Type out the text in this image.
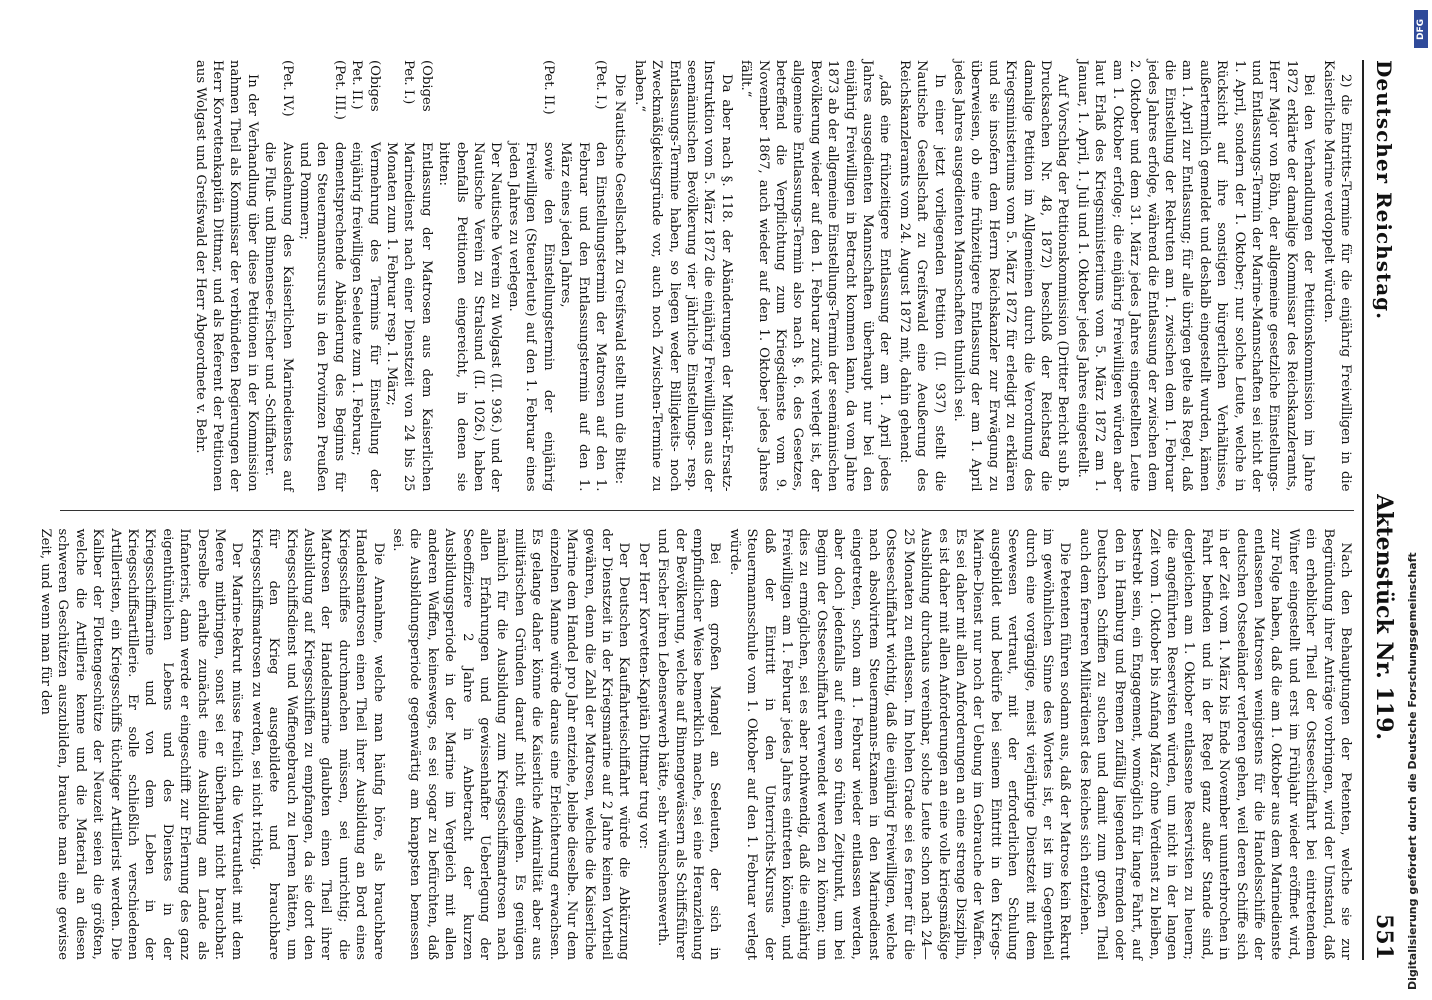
Deutscher Reichstag.
Aktenstück Nr. 119.
551

2) die Eintritts-Termine für die einjährig Freiwilligen in die Kaiserliche Marine verdoppelt würden.

Bei den Verhandlungen der Petitionskommission im Jahre 1872 erklärte der damalige Kommissar des Reichskanzleramts, Herr Major von Böhn, der allgemeine gesetzliche Einstellungs- und Entlassungs-Termin der Marine-Mannschaften sei nicht der 1. April, sondern der 1. Oktober; nur solche Leute, welche in Rücksicht auf ihre sonstigen bürgerlichen Verhältnisse, außertermlich gemeldet und deshalb eingestellt wurden, kämen am 1. April zur Entlassung; für alle übrigen gelte als Regel, daß die Einstellung der Rekruten am 1. zwischen dem 1. Februar jedes Jahres erfolge, während die Entlassung der zwischen dem 2. Oktober und dem 31. März jedes Jahres eingestellten Leute am 1. Oktober erfolge; die einjährig Freiwilligen würden aber laut Erlaß des Kriegsministeriums vom 5. März 1872 am 1. Januar, 1. April, 1. Juli und 1. Oktober jedes Jahres eingestellt.

Auf Vorschlag der Petitionskommission (Dritter Bericht sub B. Drucksachen Nr. 48, 1872) beschloß der Reichstag die damalige Petition im Allgemeinen durch die Verordnung des Kriegsministeriums vom 5. März 1872 für erledigt zu erklären und sie insofern dem Herrn Reichskanzler zur Erwägung zu überweisen, ob eine frühzeitigere Entlassung der am 1. April jedes Jahres ausgedienten Mannschaften thunlich sei.

In einer jetzt vorliegenden Petition (II. 937) stellt die Nautische Gesellschaft zu Greifswald eine Aeußerung des Reichskanzleramts vom 24. August 1872 mit, dahin gehend:

„daß eine frühzeitigere Entlassung der am 1. April jedes Jahres ausgedienten Mannschaften überhaupt nur bei den einjährig Freiwilligen in Betracht kommen kann, da vom Jahre 1873 ab der allgemeine Einstellungs-Termin der seemännischen Bevölkerung wieder auf den 1. Februar zurück verlegt ist, der allgemeine Entlassungs-Termin also nach §. 6. des Gesetzes, betreffend die Verpflichtung zum Kriegsdienste vom 9. November 1867, auch wieder auf den 1. Oktober jedes Jahres fällt.“

Da aber nach §. 118. der Abänderungen der Militär-Ersatz-Instruktion vom 5. März 1872 die einjährig Freiwilligen aus der seemännischen Bevölkerung vier jährliche Einstellungs- resp. Entlassungs-Termine haben, so liegen weder Billigkeits- noch Zweckmäßigkeitsgründe vor, auch noch Zwischen-Termine zu haben.“

Die Nautische Gesellschaft zu Greifswald stellt nun die Bitte:

(Pet. I.)
den Einstellungstermin der Matrosen auf den 1. Februar und den Entlassungstermin auf den 1. März eines jeden Jahres,
(Pet. II.)
sowie den Einstellungstermin der einjährig Freiwilligen (Steuerleute) auf den 1. Februar eines jeden Jahres zu verlegen.
Der Nautische Verein zu Wolgast (II. 936.) und der Nautische Verein zu Stralsund (II. 1026.) haben ebenfalls Petitionen eingereicht, in denen sie bitten:
(Obiges Pet. I.)
Entlassung der Matrosen aus dem Kaiserlichen Marinedienst nach einer Dienstzeit von 24 bis 25 Monaten zum 1. Februar resp. 1. März;
(Obiges Pet. II.)
Vermehrung des Termins für Einstellung der einjährig freiwilligen Seeleute zum 1. Februar;
(Pet. III.)
dementsprechende Abänderung des Beginns für den Steuermannscursus in den Provinzen Preußen und Pommern;
(Pet. IV.)
Ausdehnung des Kaiserlichen Marinedienstes auf die Fluß- und Binnensee-Fischer und -Schiffahrer.

In der Verhandlung über diese Petitionen in der Kommission nahmen Theil als Kommissar der verbündeten Regierungen der Herr Korvettenkapitän Dittmar, und als Referent der Petitionen aus Wolgast und Greifswald der Herr Abgeordnete v. Behr.

Nach den Behauptungen der Petenten, welche sie zur Begründung ihrer Anträge vorbringen, wird der Umstand, daß ein erheblicher Theil der Ostseeschiffahrt bei eintretendem Winter eingestellt und erst im Frühjahr wieder eröffnet wird, zur Folge haben, daß die am 1. Oktober aus dem Marinedienste entlassenen Matrosen wenigstens für die Handelsschiffe der deutschen Ostseeländer verloren gehen, weil deren Schiffe sich in der Zeit vom 1. März bis Ende November ununterbrochen in Fahrt befinden und in der Regel ganz außer Stande sind, dergleichen am 1. Oktober entlassene Reservisten zu heuern; die angeführten Reservisten würden, um nicht in der langen Zeit vom 1. Oktober bis Anfang März ohne Verdienst zu bleiben, bestrebt sein, ein Engagement, womöglich für lange Fahrt, auf den in Hamburg und Bremen zufällig liegenden fremden oder Deutschen Schiffen zu suchen und damit zum großen Theil auch dem ferneren Militärdienst des Reiches sich entziehen.

Die Petenten führen sodann aus, daß der Matrose kein Rekrut im gewöhnlichen Sinne des Wortes ist, er ist im Gegentheil durch eine vorgängige, meist vierjährige Dienstzeit mit dem Seewesen vertraut, mit der erforderlichen Schulung ausgebildet und bedürfe bei seinem Eintritt in den Kriegs-Marine-Dienst nur noch der Uebung im Gebrauche der Waffen. Es sei daher mit allen Anforderungen an eine strenge Disziplin, es ist daher mit allen Anforderungen an eine volle kriegsmäßige Ausbildung durchaus vereinbar, solche Leute schon nach 24—25 Monaten zu entlassen. Im hohen Grade sei es ferner für die Ostseeschiffahrt wichtig, daß die einjährig Freiwilligen, welche nach absolvirtem Steuermanns-Examen in den Marinedienst eingetreten, schon am 1. Februar wieder entlassen werden, aber doch jedenfalls auf einem so frühen Zeitpunkt, um bei Beginn der Ostseeschiffahrt verwendet werden zu können; um dies zu ermöglichen, sei es aber nothwendig, daß die einjährig Freiwilligen am 1. Februar jedes Jahres eintreten können, und daß der Eintritt in den Unterrichts-Kursus der Steuermannsschule vom 1. Oktober auf den 1. Februar verlegt würde.

Bei dem großen Mangel an Seeleuten, der sich in empfindlicher Weise bemerklich mache, sei eine Heranziehung der Bevölkerung, welche auf Binnengewässern als Schiffsführer und Fischer ihren Lebenserwerb hätte, sehr wünschenswerth.

Der Herr Korvetten-Kapitän Dittmar trug vor:

Der Deutschen Kauffahrteischiffahrt würde die Abkürzung der Dienstzeit in der Kriegsmarine auf 2 Jahre keinen Vortheil gewähren, denn die Zahl der Matrosen, welche die Kaiserliche Marine dem Handel pro Jahr entziehe, bleibe dieselbe. Nur dem einzelnen Manne würde daraus eine Erleichterung erwachsen. Es gelange daher könne die Kaiserliche Admiralität aber aus militärischen Gründen darauf nicht eingehen. Es genügen nämlich für die Ausbildung zum Kriegsschiffsmatrosen nach allen Erfahrungen und gewissenhafter Ueberlegung der Seeoffiziere 2 Jahre in Anbetracht der kurzen Ausbildungsperiode in der Marine im Vergleich mit allen anderen Waffen, keineswegs, es sei sogar zu befürchten, daß die Ausbildungsperiode gegenwärtig am knappsten bemessen sei.

Die Annahme, welche man häufig höre, als brauchbare Handelsmatrosen einen Theil ihrer Ausbildung an Bord eines Kriegsschiffes durchmachen müssen, sei unrichtig; die Matrosen der Handelsmarine glaubten einen Theil ihrer Ausbildung auf Kriegsschiffen zu empfangen, da sie dort den Kriegsschiffsdienst und Waffengebrauch zu lernen hätten, um für den Krieg ausgebildete und brauchbare Kriegsschiffsmatrosen zu werden, sei nicht richtig.

Der Marine-Rekrut müsse freilich die Vertrautheit mit dem Meere mitbringen, sonst sei er überhaupt nicht brauchbar. Derselbe erhalte zunächst eine Ausbildung am Lande als Infanterist, dann werde er eingeschifft zur Erlernung des ganz eigenthümlichen Lebens und des Dienstes in der Kriegsschiffmarine und von dem Leben in der Kriegsschiffsartillerie. Er solle schließlich verschiedenen Artilleristen, ein Kriegsschiffs tüchtiger Artillerist werden. Die Kaliber der Flottengeschütze der Neuzeit seien die größten, welche die Artillerie kenne und die Material an diesen schweren Geschützen auszubilden, brauche man eine gewisse Zeit, und wenn man für den	Digitalisierung gefördert durch die Deutsche Forschungsgemeinschaft
DFG
